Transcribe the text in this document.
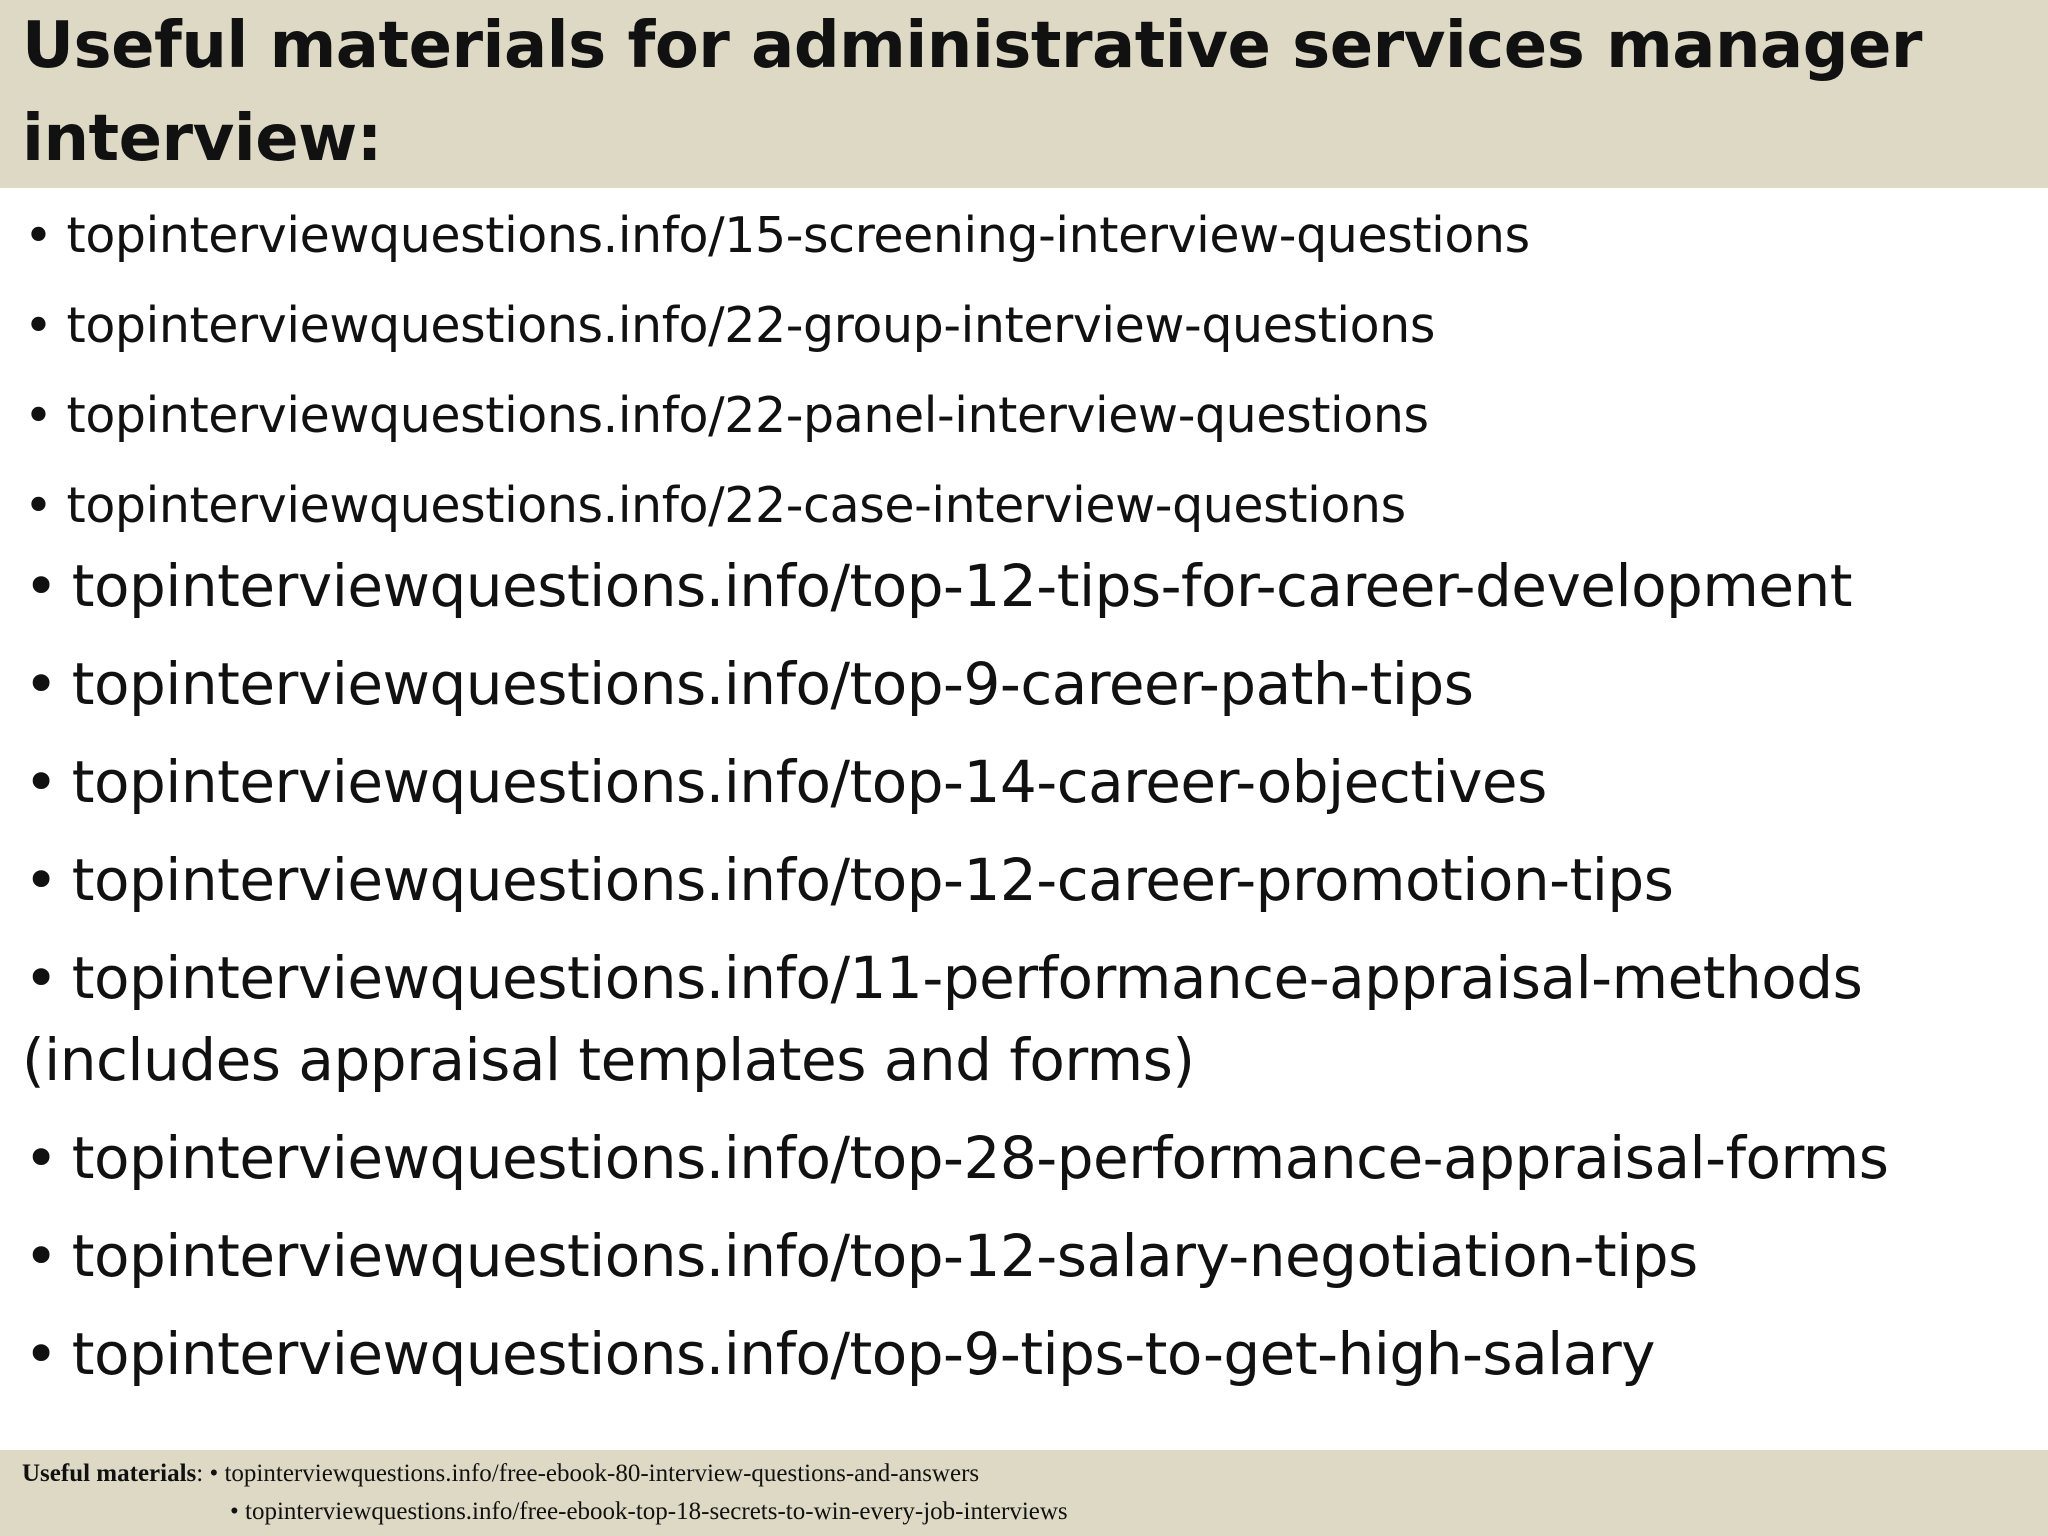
Useful materials for administrative services manager interview:
• topinterviewquestions.info/15-screening-interview-questions
• topinterviewquestions.info/22-group-interview-questions
• topinterviewquestions.info/22-panel-interview-questions
• topinterviewquestions.info/22-case-interview-questions
• topinterviewquestions.info/top-12-tips-for-career-development
• topinterviewquestions.info/top-9-career-path-tips
• topinterviewquestions.info/top-14-career-objectives
• topinterviewquestions.info/top-12-career-promotion-tips
• topinterviewquestions.info/11-performance-appraisal-methods
(includes appraisal templates and forms)
• topinterviewquestions.info/top-28-performance-appraisal-forms
• topinterviewquestions.info/top-12-salary-negotiation-tips
• topinterviewquestions.info/top-9-tips-to-get-high-salary
Useful materials: • topinterviewquestions.info/free-ebook-80-interview-questions-and-answers
• topinterviewquestions.info/free-ebook-top-18-secrets-to-win-every-job-interviews
